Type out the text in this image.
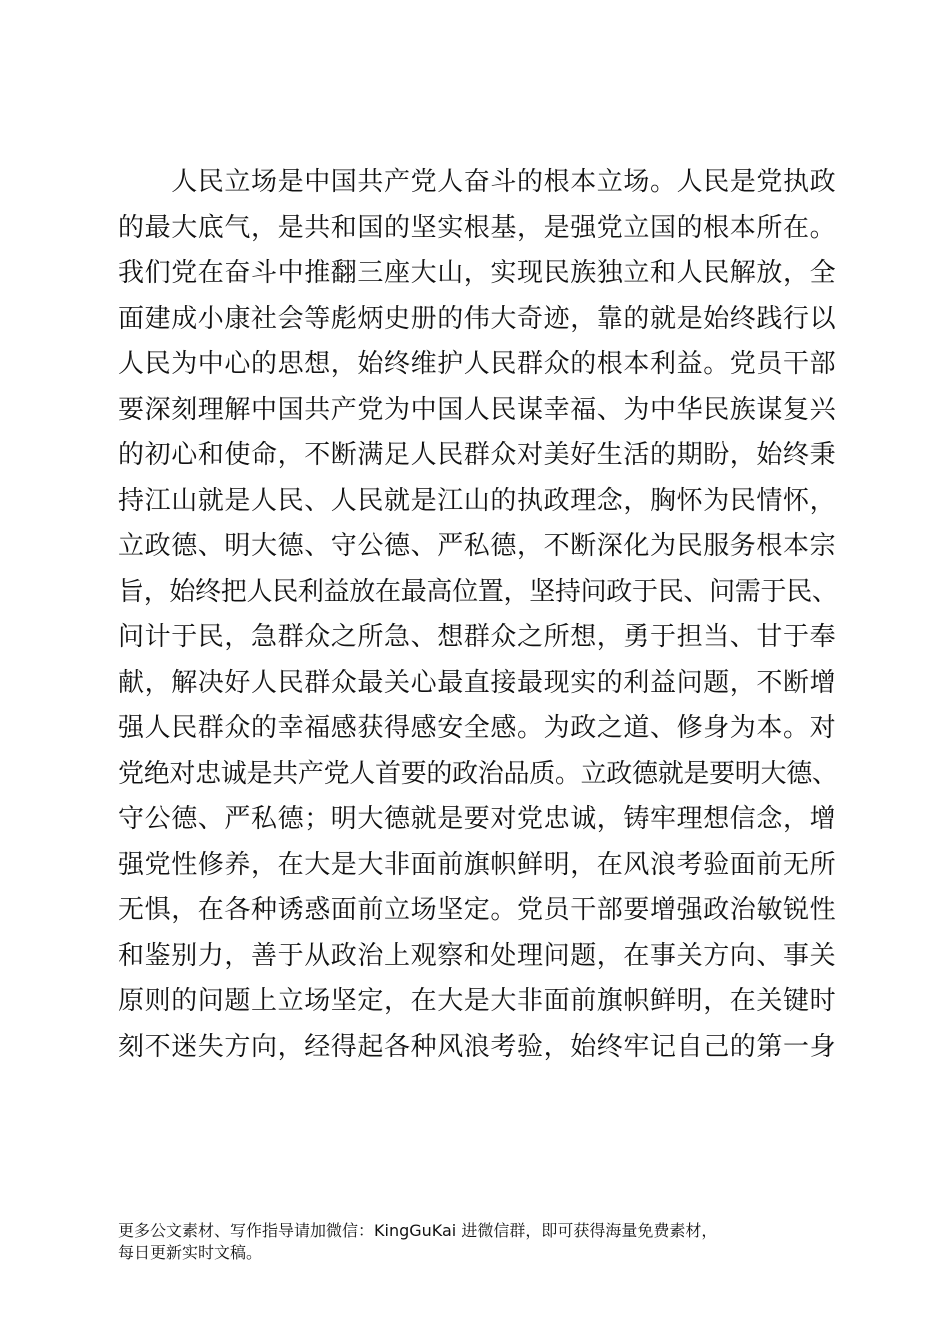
　　人民立场是中国共产党人奋斗的根本立场。人民是党执政
的最大底气，是共和国的坚实根基，是强党立国的根本所在。
我们党在奋斗中推翻三座大山，实现民族独立和人民解放，全
面建成小康社会等彪炳史册的伟大奇迹，靠的就是始终践行以
人民为中心的思想，始终维护人民群众的根本利益。党员干部
要深刻理解中国共产党为中国人民谋幸福、为中华民族谋复兴
的初心和使命，不断满足人民群众对美好生活的期盼，始终秉
持江山就是人民、人民就是江山的执政理念，胸怀为民情怀，
立政德、明大德、守公德、严私德，不断深化为民服务根本宗
旨，始终把人民利益放在最高位置，坚持问政于民、问需于民、
问计于民，急群众之所急、想群众之所想，勇于担当、甘于奉
献，解决好人民群众最关心最直接最现实的利益问题，不断增
强人民群众的幸福感获得感安全感。为政之道、修身为本。对
党绝对忠诚是共产党人首要的政治品质。立政德就是要明大德、
守公德、严私德；明大德就是要对党忠诚，铸牢理想信念，增
强党性修养，在大是大非面前旗帜鲜明，在风浪考验面前无所
无惧，在各种诱惑面前立场坚定。党员干部要增强政治敏锐性
和鉴别力，善于从政治上观察和处理问题，在事关方向、事关
原则的问题上立场坚定，在大是大非面前旗帜鲜明，在关键时
刻不迷失方向，经得起各种风浪考验，始终牢记自己的第一身
更多公文素材、写作指导请加微信：KingGuKai 进微信群，即可获得海量免费素材，
每日更新实时文稿。
